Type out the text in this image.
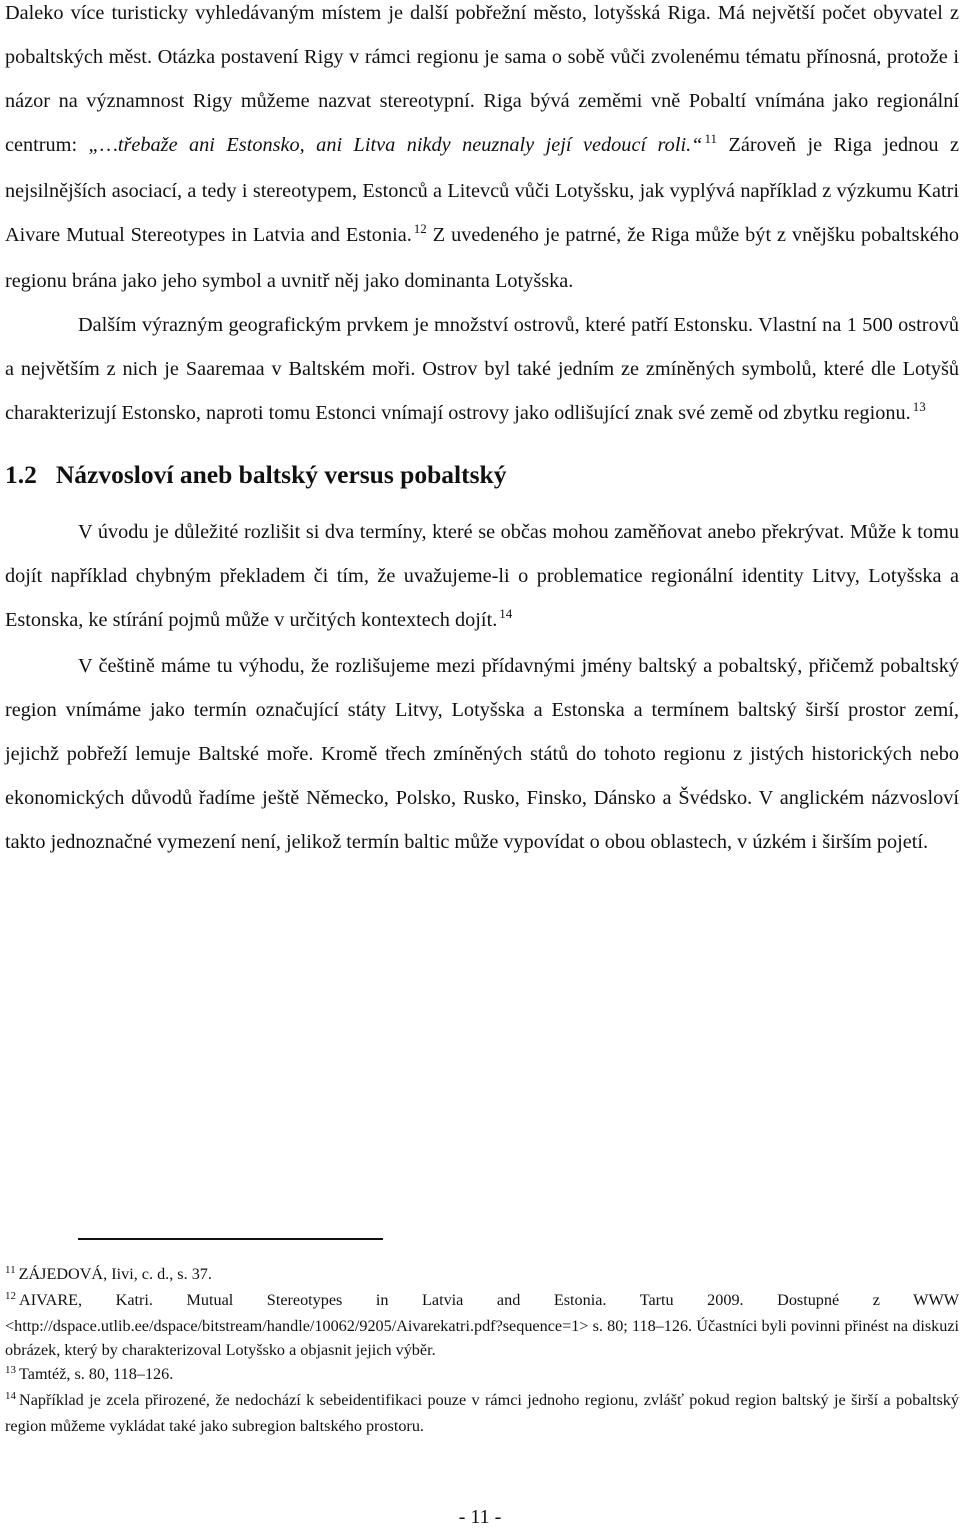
Daleko více turisticky vyhledávaným místem je další pobřežní město, lotyšská Riga. Má největší počet obyvatel z pobaltských měst. Otázka postavení Rigy v rámci regionu je sama o sobě vůči zvolenému tématu přínosná, protože i názor na významnost Rigy můžeme nazvat stereotypní. Riga bývá zeměmi vně Pobaltí vnímána jako regionální centrum: „…třebaže ani Estonsko, ani Litva nikdy neuznaly její vedoucí roli.“ $^{11}$ Zároveň je Riga jednou z nejsilnějších asociací, a tedy i stereotypem, Estonců a Litevců vůči Lotyšsku, jak vyplývá například z výzkumu Katri Aivare Mutual Stereotypes in Latvia and Estonia. $^{12}$ Z uvedeného je patrné, že Riga může být z vnějšku pobaltského regionu brána jako jeho symbol a uvnitř něj jako dominanta Lotyšska.

Dalším výrazným geografickým prvkem je množství ostrovů, které patří Estonsku. Vlastní na 1 500 ostrovů a největším z nich je Saaremaa v Baltském moři. Ostrov byl také jedním ze zmíněných symbolů, které dle Lotyšů charakterizují Estonsko, naproti tomu Estonci vnímají ostrovy jako odlišující znak své země od zbytku regionu. $^{13}$

1.2 Názvosloví aneb baltský versus pobaltský

V úvodu je důležité rozlišit si dva termíny, které se občas mohou zaměňovat anebo překrývat. Může k tomu dojít například chybným překladem či tím, že uvažujeme-li o problematice regionální identity Litvy, Lotyšska a Estonska, ke stírání pojmů může v určitých kontextech dojít. $^{14}$

V češtině máme tu výhodu, že rozlišujeme mezi přídavnými jmény baltský a pobaltský, přičemž pobaltský region vnímáme jako termín označující státy Litvy, Lotyšska a Estonska a termínem baltský širší prostor zemí, jejichž pobřeží lemuje Baltské moře. Kromě třech zmíněných států do tohoto regionu z jistých historických nebo ekonomických důvodů řadíme ještě Německo, Polsko, Rusko, Finsko, Dánsko a Švédsko. V anglickém názvosloví takto jednoznačné vymezení není, jelikož termín baltic může vypovídat o obou oblastech, v úzkém i širším pojetí.

$^{11}$ ZÁJEDOVÁ, Iivi, c. d., s. 37.

$^{12}$ AIVARE, Katri. Mutual Stereotypes in Latvia and Estonia. Tartu 2009. Dostupné z WWW <http://dspace.utlib.ee/dspace/bitstream/handle/10062/9205/Aivarekatri.pdf?sequence=1> s. 80; 118–126. Účastníci byli povinni přinést na diskuzi obrázek, který by charakterizoval Lotyšsko a objasnit jejich výběr.

$^{13}$ Tamtéž, s. 80, 118–126.

$^{14}$ Například je zcela přirozené, že nedochází k sebeidentifikaci pouze v rámci jednoho regionu, zvlášť pokud region baltský je širší a pobaltský region můžeme vykládat také jako subregion baltského prostoru.

- 11 -
